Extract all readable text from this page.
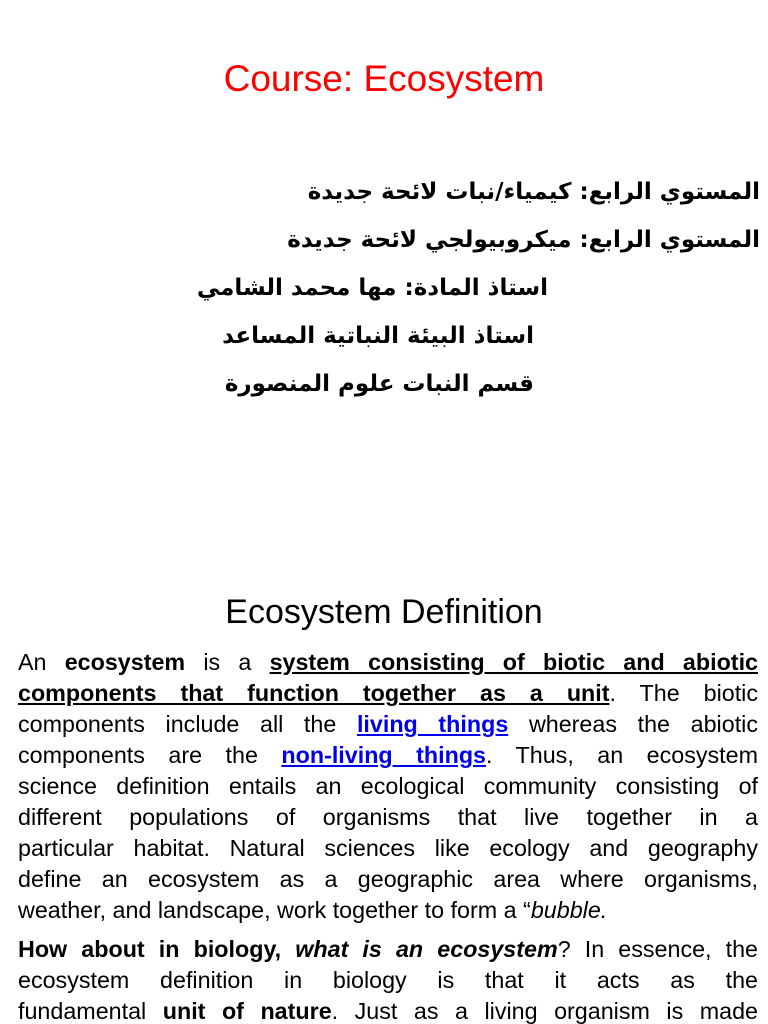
Course: Ecosystem
المستوي الرابع: كيمياء/نبات لائحة جديدة
المستوي الرابع: ميكروبيولجي لائحة جديدة
استاذ المادة: مها محمد الشامي
استاذ البيئة النباتية المساعد
قسم النبات علوم المنصورة
Ecosystem Definition
An ecosystem is a system consisting of biotic and abiotic
components that function together as a unit. The biotic
components include all the living things whereas the abiotic
components are the non-living things. Thus, an ecosystem
science definition entails an ecological community consisting of
different populations of organisms that live together in a
particular habitat. Natural sciences like ecology and geography
define an ecosystem as a geographic area where organisms,
weather, and landscape, work together to form a “bubble.
How about in biology, what is an ecosystem? In essence, the
ecosystem definition in biology is that it acts as the
fundamental unit of nature. Just as a living organism is made
